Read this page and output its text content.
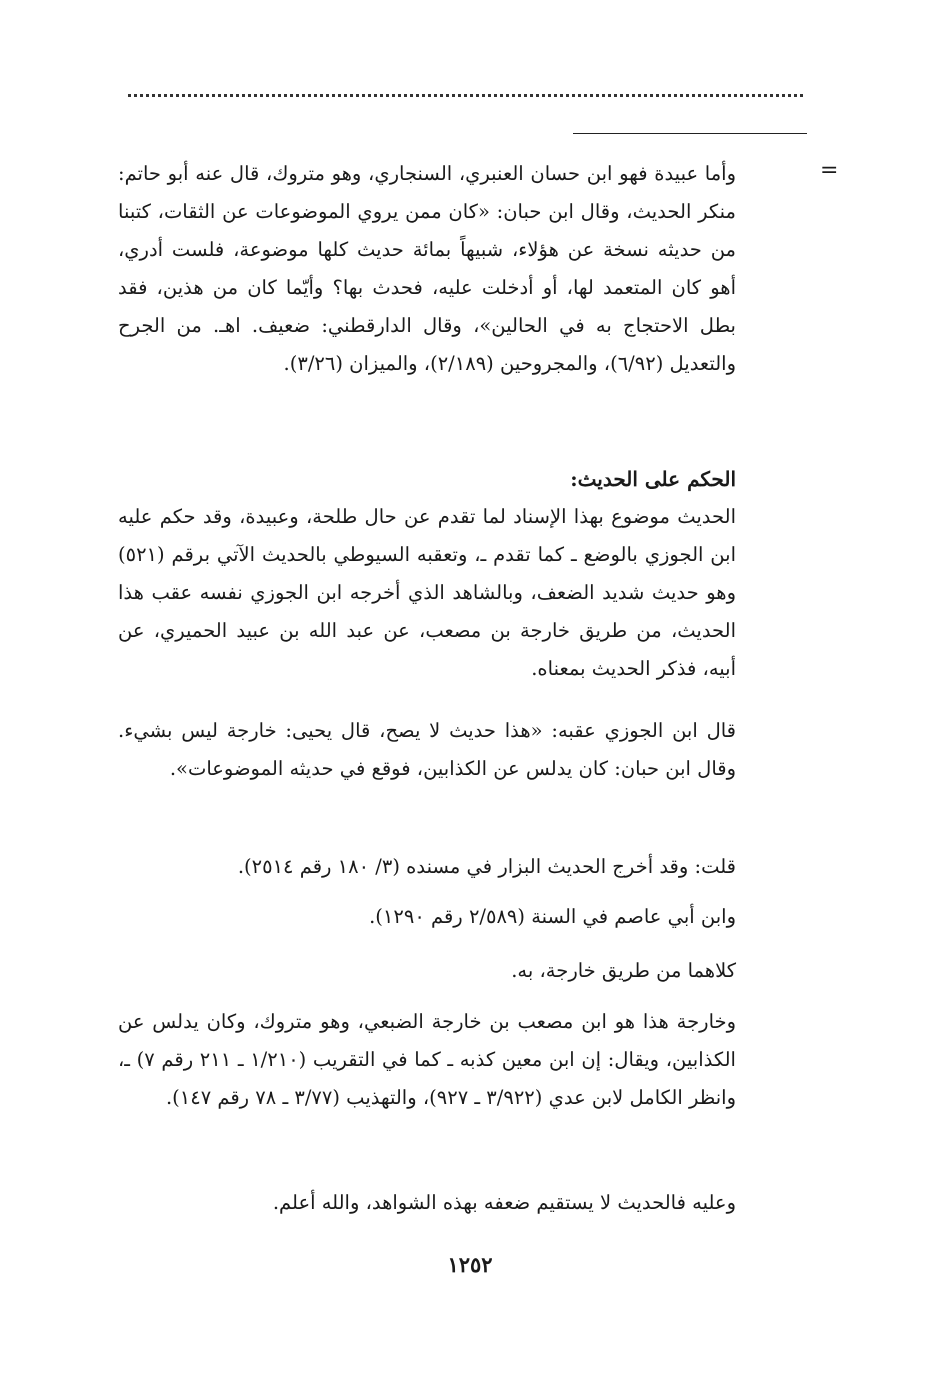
=
وأما عبيدة فهو ابن حسان العنبري، السنجاري، وهو متروك، قال عنه أبو حاتم: منكر الحديث، وقال ابن حبان: «كان ممن يروي الموضوعات عن الثقات، كتبنا من حديثه نسخة عن هؤلاء، شبيهاً بمائة حديث كلها موضوعة، فلست أدري، أهو كان المتعمد لها، أو أدخلت عليه، فحدث بها؟ وأيّما كان من هذين، فقد بطل الاحتجاج به في الحالين»، وقال الدارقطني: ضعيف. اهـ. من الجرح والتعديل (٦/٩٢)، والمجروحين (٢/١٨٩)، والميزان (٣/٢٦).
الحكم على الحديث:
الحديث موضوع بهذا الإسناد لما تقدم عن حال طلحة، وعبيدة، وقد حكم عليه ابن الجوزي بالوضع ـ كما تقدم ـ، وتعقبه السيوطي بالحديث الآتي برقم (٥٢١) وهو حديث شديد الضعف، وبالشاهد الذي أخرجه ابن الجوزي نفسه عقب هذا الحديث، من طريق خارجة بن مصعب، عن عبد الله بن عبيد الحميري، عن أبيه، فذكر الحديث بمعناه.
قال ابن الجوزي عقبه: «هذا حديث لا يصح، قال يحيى: خارجة ليس بشيء. وقال ابن حبان: كان يدلس عن الكذابين، فوقع في حديثه الموضوعات».
قلت: وقد أخرج الحديث البزار في مسنده (٣/ ١٨٠ رقم ٢٥١٤).
وابن أبي عاصم في السنة (٢/٥٨٩ رقم ١٢٩٠).
كلاهما من طريق خارجة، به.
وخارجة هذا هو ابن مصعب بن خارجة الضبعي، وهو متروك، وكان يدلس عن الكذابين، ويقال: إن ابن معين كذبه ـ كما في التقريب (١/٢١٠ ـ ٢١١ رقم ٧) ـ، وانظر الكامل لابن عدي (٣/٩٢٢ ـ ٩٢٧)، والتهذيب (٣/٧٧ ـ ٧٨ رقم ١٤٧).
وعليه فالحديث لا يستقيم ضعفه بهذه الشواهد، والله أعلم.
١٢٥٢
